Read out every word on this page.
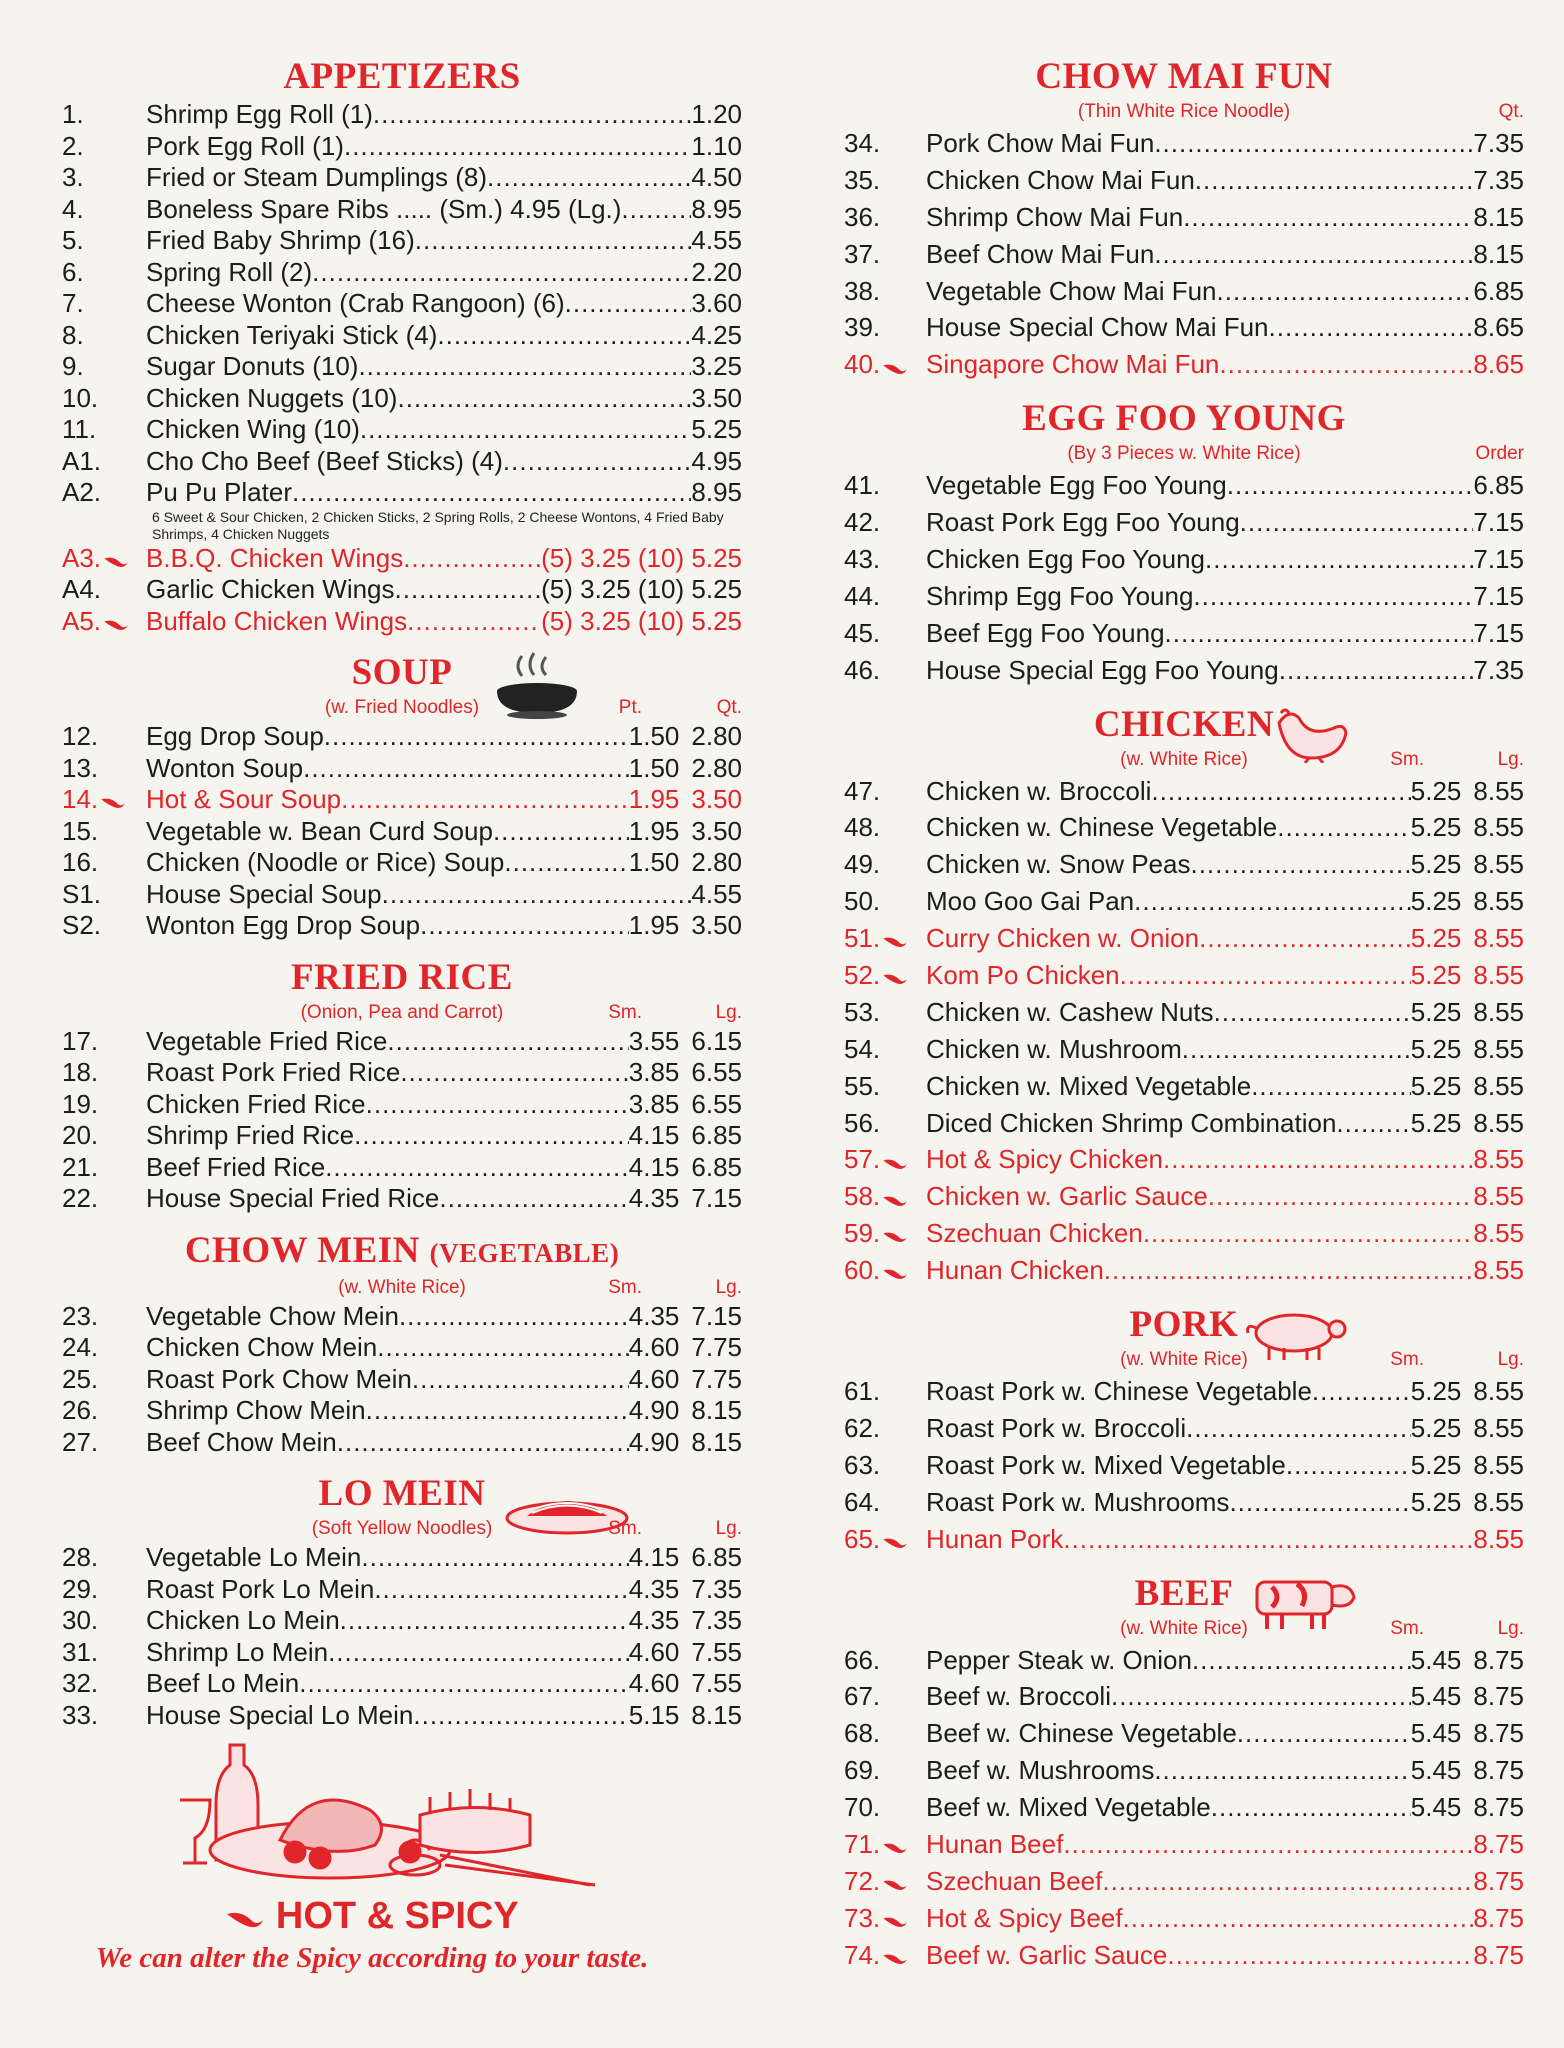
APPETIZERS
1.	Shrimp Egg Roll (1) .....	1.20
2.	Pork Egg Roll (1) .....	1.10
3.	Fried or Steam Dumplings (8) .....	4.50
4.	Boneless Spare Ribs ..... (Sm.) 4.95 (Lg.) .....	8.95
5.	Fried Baby Shrimp (16) .....	4.55
6.	Spring Roll (2) .....	2.20
7.	Cheese Wonton (Crab Rangoon) (6) .....	3.60
8.	Chicken Teriyaki Stick (4) .....	4.25
9.	Sugar Donuts (10) .....	3.25
10.	Chicken Nuggets (10) .....	3.50
11.	Chicken Wing (10) .....	5.25
A1.	Cho Cho Beef (Beef Sticks) (4) .....	4.95
A2.	Pu Pu Plater .....	8.95
6 Sweet & Sour Chicken, 2 Chicken Sticks, 2 Spring Rolls, 2 Cheese Wontons, 4 Fried Baby Shrimps, 4 Chicken Nuggets
A3.	B.B.Q. Chicken Wings .....	(5) 3.25 (10) 5.25
A4.	Garlic Chicken Wings .....	(5) 3.25 (10) 5.25
A5.	Buffalo Chicken Wings .....	(5) 3.25 (10) 5.25
SOUP
(w. Fried Noodles)	Pt.	Qt.
12.	Egg Drop Soup .....	1.50 2.80
13.	Wonton Soup .....	1.50 2.80
14.	Hot & Sour Soup .....	1.95 3.50
15.	Vegetable w. Bean Curd Soup .....	1.95 3.50
16.	Chicken (Noodle or Rice) Soup .....	1.50 2.80
S1.	House Special Soup .....	4.55
S2.	Wonton Egg Drop Soup .....	1.95 3.50
FRIED RICE
(Onion, Pea and Carrot)	Sm.	Lg.
17.	Vegetable Fried Rice .....	3.55 6.15
18.	Roast Pork Fried Rice .....	3.85 6.55
19.	Chicken Fried Rice .....	3.85 6.55
20.	Shrimp Fried Rice .....	4.15 6.85
21.	Beef Fried Rice .....	4.15 6.85
22.	House Special Fried Rice .....	4.35 7.15
CHOW MEIN (VEGETABLE)
(w. White Rice)	Sm.	Lg.
23.	Vegetable Chow Mein .....	4.35 7.15
24.	Chicken Chow Mein .....	4.60 7.75
25.	Roast Pork Chow Mein .....	4.60 7.75
26.	Shrimp Chow Mein .....	4.90 8.15
27.	Beef Chow Mein .....	4.90 8.15
LO MEIN
(Soft Yellow Noodles)	Sm.	Lg.
28.	Vegetable Lo Mein .....	4.15 6.85
29.	Roast Pork Lo Mein .....	4.35 7.35
30.	Chicken Lo Mein .....	4.35 7.35
31.	Shrimp Lo Mein .....	4.60 7.55
32.	Beef Lo Mein .....	4.60 7.55
33.	House Special Lo Mein .....	5.15 8.15
CHOW MAI FUN
(Thin White Rice Noodle)	Qt.
34.	Pork Chow Mai Fun .....	7.35
35.	Chicken Chow Mai Fun .....	7.35
36.	Shrimp Chow Mai Fun .....	8.15
37.	Beef Chow Mai Fun .....	8.15
38.	Vegetable Chow Mai Fun .....	6.85
39.	House Special Chow Mai Fun .....	8.65
40.	Singapore Chow Mai Fun .....	8.65
EGG FOO YOUNG
(By 3 Pieces w. White Rice)	Order
41.	Vegetable Egg Foo Young .....	6.85
42.	Roast Pork Egg Foo Young .....	7.15
43.	Chicken Egg Foo Young .....	7.15
44.	Shrimp Egg Foo Young .....	7.15
45.	Beef Egg Foo Young .....	7.15
46.	House Special Egg Foo Young .....	7.35
CHICKEN
(w. White Rice)	Sm.	Lg.
47.	Chicken w. Broccoli .....	5.25 8.55
48.	Chicken w. Chinese Vegetable .....	5.25 8.55
49.	Chicken w. Snow Peas .....	5.25 8.55
50.	Moo Goo Gai Pan .....	5.25 8.55
51.	Curry Chicken w. Onion .....	5.25 8.55
52.	Kom Po Chicken .....	5.25 8.55
53.	Chicken w. Cashew Nuts .....	5.25 8.55
54.	Chicken w. Mushroom .....	5.25 8.55
55.	Chicken w. Mixed Vegetable .....	5.25 8.55
56.	Diced Chicken Shrimp Combination .....	5.25 8.55
57.	Hot & Spicy Chicken .....	8.55
58.	Chicken w. Garlic Sauce .....	8.55
59.	Szechuan Chicken .....	8.55
60.	Hunan Chicken .....	8.55
PORK
(w. White Rice)	Sm.	Lg.
61.	Roast Pork w. Chinese Vegetable .....	5.25 8.55
62.	Roast Pork w. Broccoli .....	5.25 8.55
63.	Roast Pork w. Mixed Vegetable .....	5.25 8.55
64.	Roast Pork w. Mushrooms .....	5.25 8.55
65.	Hunan Pork .....	8.55
BEEF
(w. White Rice)	Sm.	Lg.
66.	Pepper Steak w. Onion .....	5.45 8.75
67.	Beef w. Broccoli .....	5.45 8.75
68.	Beef w. Chinese Vegetable .....	5.45 8.75
69.	Beef w. Mushrooms .....	5.45 8.75
70.	Beef w. Mixed Vegetable .....	5.45 8.75
71.	Hunan Beef .....	8.75
72.	Szechuan Beef .....	8.75
73.	Hot & Spicy Beef .....	8.75
74.	Beef w. Garlic Sauce .....	8.75
HOT & SPICY
We can alter the Spicy according to your taste.
